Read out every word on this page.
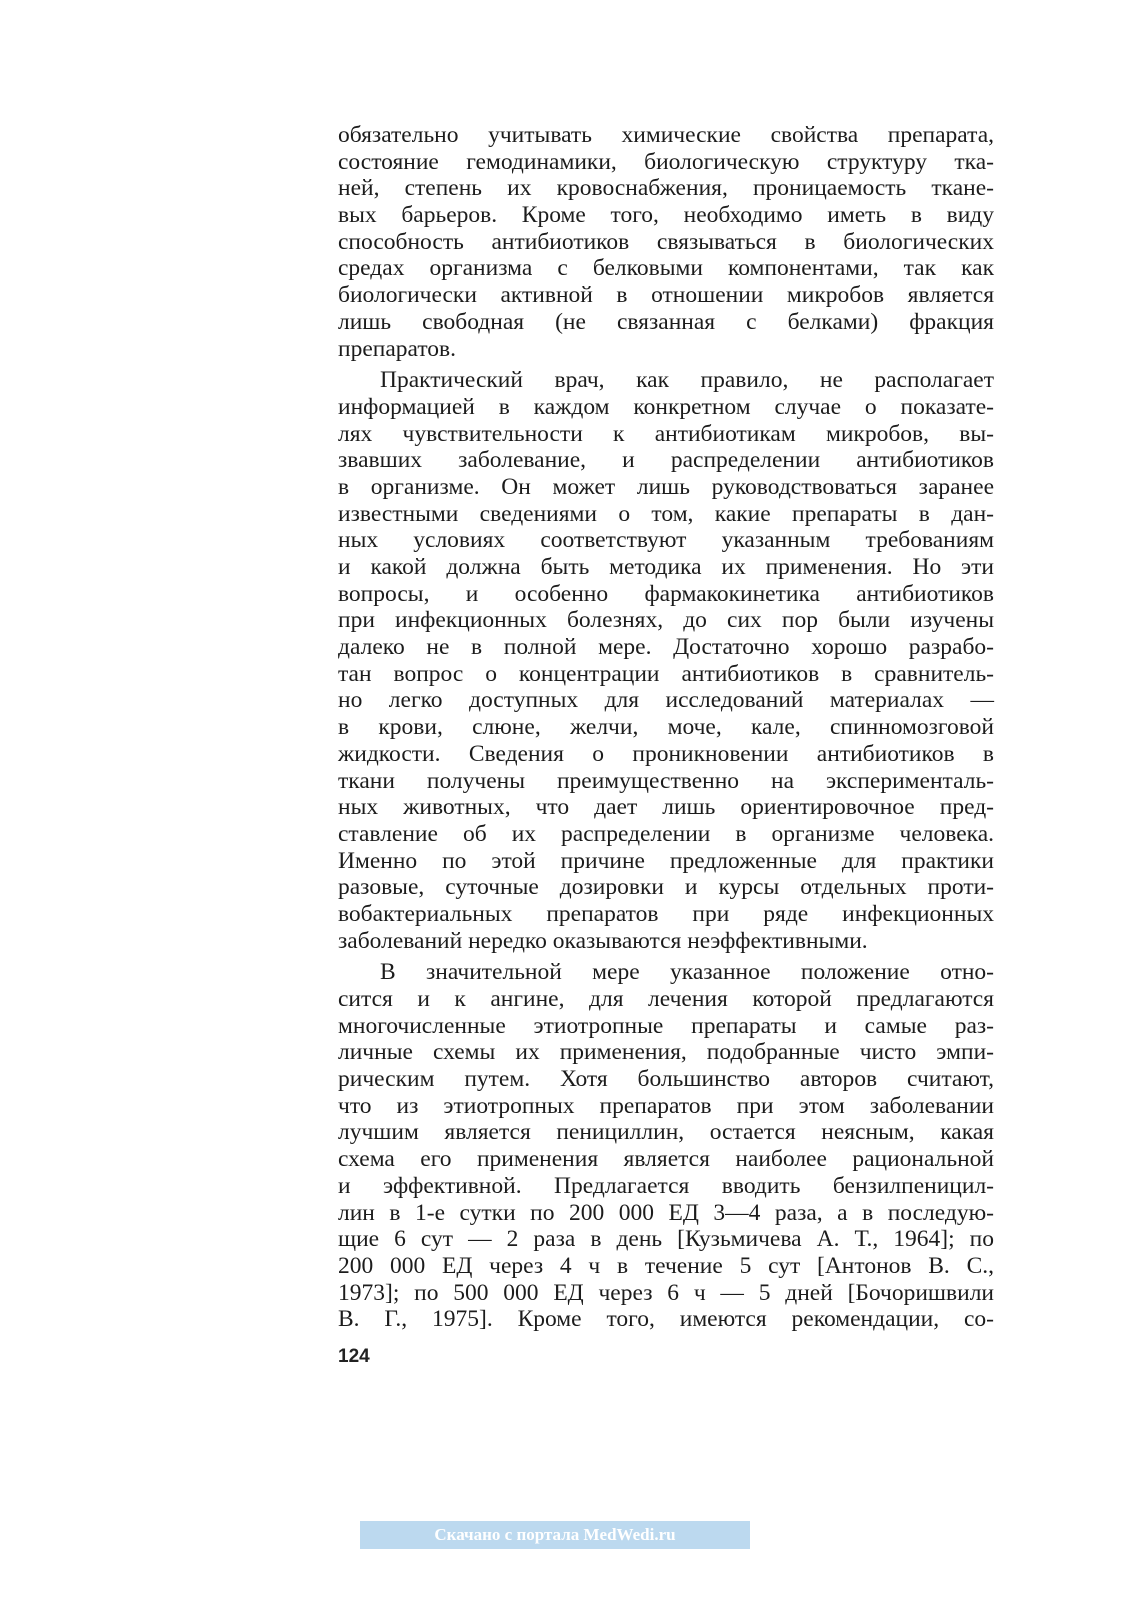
обязательно учитывать химические свойства препарата,
состояние гемодинамики, биологическую структуру тка-
ней, степень их кровоснабжения, проницаемость ткане-
вых барьеров. Кроме того, необходимо иметь в виду
способность антибиотиков связываться в биологических
средах организма с белковыми компонентами, так как
биологически активной в отношении микробов является
лишь свободная (не связанная с белками) фракция
препаратов.
Практический врач, как правило, не располагает
информацией в каждом конкретном случае о показате-
лях чувствительности к антибиотикам микробов, вы-
звавших заболевание, и распределении антибиотиков
в организме. Он может лишь руководствоваться заранее
известными сведениями о том, какие препараты в дан-
ных условиях соответствуют указанным требованиям
и какой должна быть методика их применения. Но эти
вопросы, и особенно фармакокинетика антибиотиков
при инфекционных болезнях, до сих пор были изучены
далеко не в полной мере. Достаточно хорошо разрабо-
тан вопрос о концентрации антибиотиков в сравнитель-
но легко доступных для исследований материалах —
в крови, слюне, желчи, моче, кале, спинномозговой
жидкости. Сведения о проникновении антибиотиков в
ткани получены преимущественно на эксперименталь-
ных животных, что дает лишь ориентировочное пред-
ставление об их распределении в организме человека.
Именно по этой причине предложенные для практики
разовые, суточные дозировки и курсы отдельных проти-
вобактериальных препаратов при ряде инфекционных
заболеваний нередко оказываются неэффективными.
В значительной мере указанное положение отно-
сится и к ангине, для лечения которой предлагаются
многочисленные этиотропные препараты и самые раз-
личные схемы их применения, подобранные чисто эмпи-
рическим путем. Хотя большинство авторов считают,
что из этиотропных препаратов при этом заболевании
лучшим является пенициллин, остается неясным, какая
схема его применения является наиболее рациональной
и эффективной. Предлагается вводить бензилпеницил-
лин в 1-е сутки по 200 000 ЕД 3—4 раза, а в последую-
щие 6 сут — 2 раза в день [Кузьмичева А. Т., 1964]; по
200 000 ЕД через 4 ч в течение 5 сут [Антонов В. С.,
1973]; по 500 000 ЕД через 6 ч — 5 дней [Бочоришвили
В. Г., 1975]. Кроме того, имеются рекомендации, со-
124
Скачано с портала MedWedi.ru
